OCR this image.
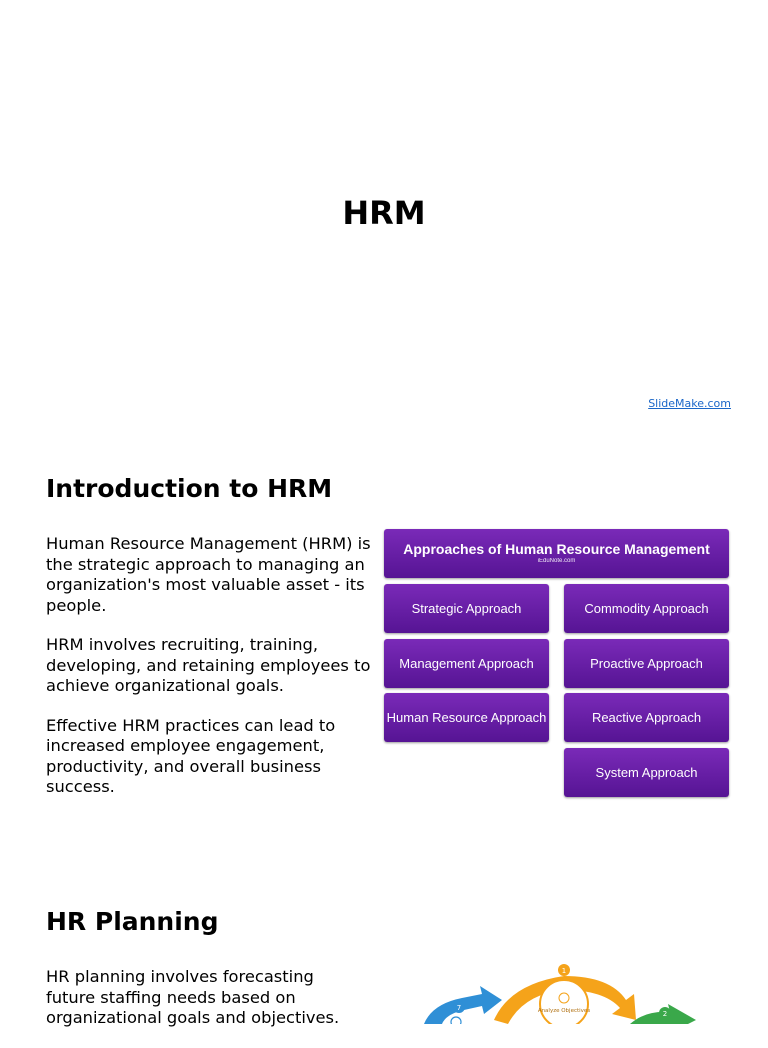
HRM
SlideMake.com
Introduction to HRM

Human Resource Management (HRM) is the strategic approach to managing an organization's most valuable asset - its people.

HRM involves recruiting, training, developing, and retaining employees to achieve organizational goals.

Effective HRM practices can lead to increased employee engagement, productivity, and overall business success.

Approaches of Human Resource Management
iEduNote.com
Strategic Approach
Management Approach
Human Resource Approach
Commodity Approach
Proactive Approach
Reactive Approach
System Approach
HR Planning

HR planning involves forecasting future staffing needs based on organizational goals and objectives.	Analyze Objectives
1
2
7
